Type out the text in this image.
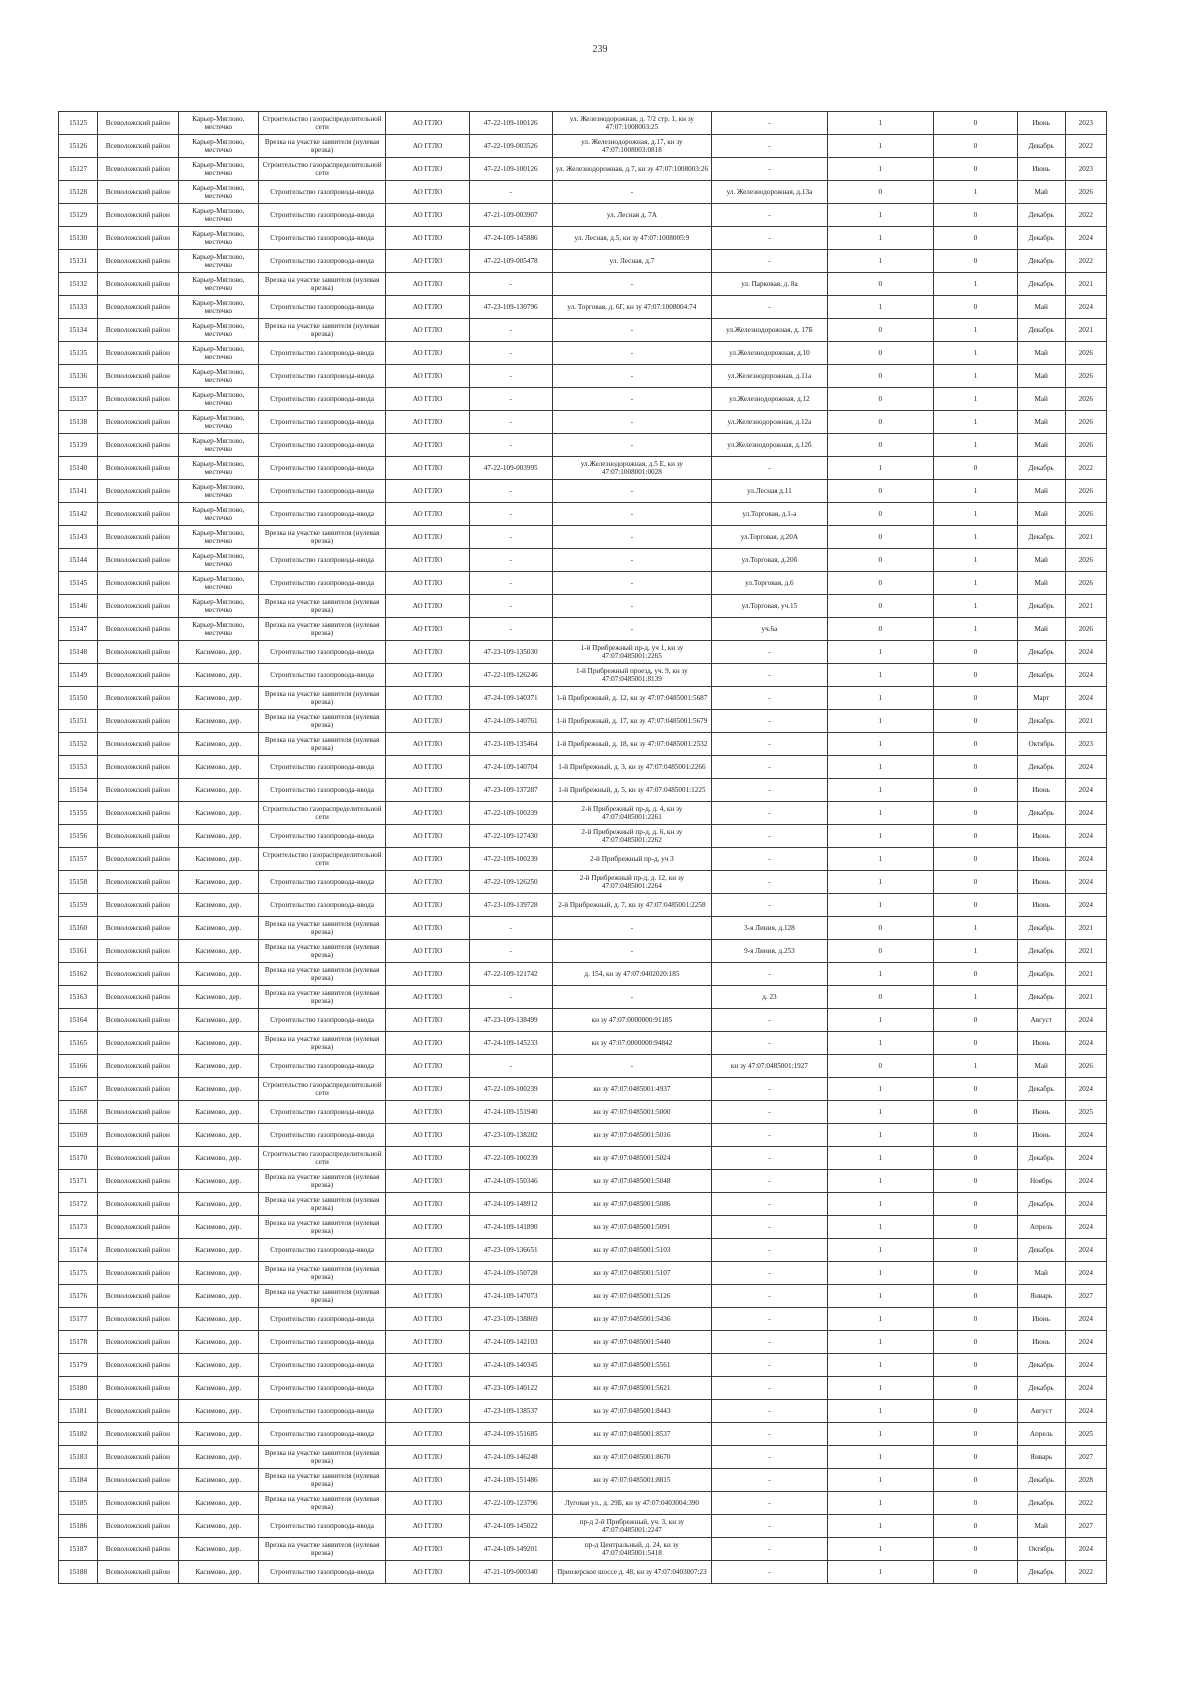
239
15125	Всеволожский район	Карьер-Мяглово, местечко	Строительство газораспределительной сети	АО ГГЛО	47-22-109-100126	ул. Железнодорожная, д. 7/2 стр. 1, кн зу 47:07:1008003:25	-	1	0	Июнь	2023
15126	Всеволожский район	Карьер-Мяглово, местечко	Врезка на участке заявителя (нулевая врезка)	АО ГГЛО	47-22-109-003526	ул. Железнодорожная, д.17, кн зу 47:07:1008003:0818	-	1	0	Декабрь	2022
15127	Всеволожский район	Карьер-Мяглово, местечко	Строительство газораспределительной сети	АО ГГЛО	47-22-109-100126	ул. Железнодорожная, д.7, кн зу 47:07:1008003:26	-	1	0	Июнь	2023
15128	Всеволожский район	Карьер-Мяглово, местечко	Строительство газопровода-ввода	АО ГГЛО	-	-	ул. Железнодорожная, д.13а	0	1	Май	2026
15129	Всеволожский район	Карьер-Мяглово, местечко	Строительство газопровода-ввода	АО ГГЛО	47-21-109-003907	ул. Лесная д. 7А	-	1	0	Декабрь	2022
15130	Всеволожский район	Карьер-Мяглово, местечко	Строительство газопровода-ввода	АО ГГЛО	47-24-109-145886	ул. Лесная, д.5, кн зу 47:07:1008005:9	-	1	0	Декабрь	2024
15131	Всеволожский район	Карьер-Мяглово, местечко	Строительство газопровода-ввода	АО ГГЛО	47-22-109-005478	ул. Лесная, д.7	-	1	0	Декабрь	2022
15132	Всеволожский район	Карьер-Мяглово, местечко	Врезка на участке заявителя (нулевая врезка)	АО ГГЛО	-	-	ул. Парковая, д. 8а	0	1	Декабрь	2021
15133	Всеволожский район	Карьер-Мяглово, местечко	Строительство газопровода-ввода	АО ГГЛО	47-23-109-130796	ул. Торговая, д. 6Г, кн зу 47:07:1008004:74	-	1	0	Май	2024
15134	Всеволожский район	Карьер-Мяглово, местечко	Врезка на участке заявителя (нулевая врезка)	АО ГГЛО	-	-	ул.Железнодорожная, д. 17Б	0	1	Декабрь	2021
15135	Всеволожский район	Карьер-Мяглово, местечко	Строительство газопровода-ввода	АО ГГЛО	-	-	ул.Железнодорожная, д.10	0	1	Май	2026
15136	Всеволожский район	Карьер-Мяглово, местечко	Строительство газопровода-ввода	АО ГГЛО	-	-	ул.Железнодорожная, д.11а	0	1	Май	2026
15137	Всеволожский район	Карьер-Мяглово, местечко	Строительство газопровода-ввода	АО ГГЛО	-	-	ул.Железнодорожная, д.12	0	1	Май	2026
15138	Всеволожский район	Карьер-Мяглово, местечко	Строительство газопровода-ввода	АО ГГЛО	-	-	ул.Железнодорожная, д.12а	0	1	Май	2026
15139	Всеволожский район	Карьер-Мяглово, местечко	Строительство газопровода-ввода	АО ГГЛО	-	-	ул.Железнодорожная, д.12б	0	1	Май	2026
15140	Всеволожский район	Карьер-Мяглово, местечко	Строительство газопровода-ввода	АО ГГЛО	47-22-109-003995	ул.Железнодорожная, д.5 Е, кн зу 47:07:1008001:0028	-	1	0	Декабрь	2022
15141	Всеволожский район	Карьер-Мяглово, местечко	Строительство газопровода-ввода	АО ГГЛО	-	-	ул.Лесная д.11	0	1	Май	2026
15142	Всеволожский район	Карьер-Мяглово, местечко	Строительство газопровода-ввода	АО ГГЛО	-	-	ул.Торговая, д.1-а	0	1	Май	2026
15143	Всеволожский район	Карьер-Мяглово, местечко	Врезка на участке заявителя (нулевая врезка)	АО ГГЛО	-	-	ул.Торговая, д.20А	0	1	Декабрь	2021
15144	Всеволожский район	Карьер-Мяглово, местечко	Строительство газопровода-ввода	АО ГГЛО	-	-	ул.Торговая, д.20б	0	1	Май	2026
15145	Всеволожский район	Карьер-Мяглово, местечко	Строительство газопровода-ввода	АО ГГЛО	-	-	ул.Торговая, д.6	0	1	Май	2026
15146	Всеволожский район	Карьер-Мяглово, местечко	Врезка на участке заявителя (нулевая врезка)	АО ГГЛО	-	-	ул.Торговая, уч.15	0	1	Декабрь	2021
15147	Всеволожский район	Карьер-Мяглово, местечко	Врезка на участке заявителя (нулевая врезка)	АО ГГЛО	-	-	уч.6а	0	1	Май	2026
15148	Всеволожский район	Касимово, дер.	Строительство газопровода-ввода	АО ГГЛО	47-23-109-135030	1-й Прибрежный пр-д, уч 1, кн зу 47:07:0485001:2265	-	1	0	Декабрь	2024
15149	Всеволожский район	Касимово, дер.	Строительство газопровода-ввода	АО ГГЛО	47-22-109-126246	1-й Прибрежный проезд, уч. 9, кн зу 47:07:0485001:8139	-	1	0	Декабрь	2024
15150	Всеволожский район	Касимово, дер.	Врезка на участке заявителя (нулевая врезка)	АО ГГЛО	47-24-109-140371	1-й Прибрежный, д. 12, кн зу 47:07:0485001:5687	-	1	0	Март	2024
15151	Всеволожский район	Касимово, дер.	Врезка на участке заявителя (нулевая врезка)	АО ГГЛО	47-24-109-140761	1-й Прибрежный, д. 17, кн зу 47:07:0485001:5679	-	1	0	Декабрь	2021
15152	Всеволожский район	Касимово, дер.	Врезка на участке заявителя (нулевая врезка)	АО ГГЛО	47-23-109-135464	1-й Прибрежный, д. 18, кн зу 47:07:0485001:2532	-	1	0	Октябрь	2023
15153	Всеволожский район	Касимово, дер.	Строительство газопровода-ввода	АО ГГЛО	47-24-109-140704	1-й Прибрежный, д. 3, кн зу 47:07:0485001:2266	-	1	0	Декабрь	2024
15154	Всеволожский район	Касимово, дер.	Строительство газопровода-ввода	АО ГГЛО	47-23-109-137287	1-й Прибрежный, д. 5, кн зу 47:07:0485001:1225	-	1	0	Июнь	2024
15155	Всеволожский район	Касимово, дер.	Строительство газораспределительной сети	АО ГГЛО	47-22-109-100239	2-й Прибрежный пр-д, д. 4, кн зу 47:07:0485001:2261	-	1	0	Декабрь	2024
15156	Всеволожский район	Касимово, дер.	Строительство газопровода-ввода	АО ГГЛО	47-22-109-127430	2-й Прибрежный пр-д, д. 6, кн зу 47:07:0485001:2262	-	1	0	Июнь	2024
15157	Всеволожский район	Касимово, дер.	Строительство газораспределительной сети	АО ГГЛО	47-22-109-100239	2-й Прибрежный пр-д, уч 3	-	1	0	Июнь	2024
15158	Всеволожский район	Касимово, дер.	Строительство газопровода-ввода	АО ГГЛО	47-22-109-126250	2-й Прибрежный пр-д, д. 12, кн зу 47:07:0485001:2264	-	1	0	Июнь	2024
15159	Всеволожский район	Касимово, дер.	Строительство газопровода-ввода	АО ГГЛО	47-23-109-139728	2-й Прибрежный, д. 7, кн зу 47:07:0485001:2258	-	1	0	Июнь	2024
15160	Всеволожский район	Касимово, дер.	Врезка на участке заявителя (нулевая врезка)	АО ГГЛО	-	-	3-я Линия, д.128	0	1	Декабрь	2021
15161	Всеволожский район	Касимово, дер.	Врезка на участке заявителя (нулевая врезка)	АО ГГЛО	-	-	9-я Линия, д.253	0	1	Декабрь	2021
15162	Всеволожский район	Касимово, дер.	Врезка на участке заявителя (нулевая врезка)	АО ГГЛО	47-22-109-121742	д. 154, кн зу 47:07:0402020:185	-	1	0	Декабрь	2021
15163	Всеволожский район	Касимово, дер.	Врезка на участке заявителя (нулевая врезка)	АО ГГЛО	-	-	д. 23	0	1	Декабрь	2021
15164	Всеволожский район	Касимово, дер.	Строительство газопровода-ввода	АО ГГЛО	47-23-109-138499	кн зу 47:07:0000000:91185	-	1	0	Август	2024
15165	Всеволожский район	Касимово, дер.	Врезка на участке заявителя (нулевая врезка)	АО ГГЛО	47-24-109-145233	кн зу 47:07:0000000:94842	-	1	0	Июнь	2024
15166	Всеволожский район	Касимово, дер.	Строительство газопровода-ввода	АО ГГЛО	-	-	кн зу 47:07:0485001:1927	0	1	Май	2026
15167	Всеволожский район	Касимово, дер.	Строительство газораспределительной сети	АО ГГЛО	47-22-109-100239	кн зу 47:07:0485001:4937	-	1	0	Декабрь	2024
15168	Всеволожский район	Касимово, дер.	Строительство газопровода-ввода	АО ГГЛО	47-24-109-151940	кн зу 47:07:0485001:5000	-	1	0	Июнь	2025
15169	Всеволожский район	Касимово, дер.	Строительство газопровода-ввода	АО ГГЛО	47-23-109-138282	кн зу 47:07:0485001:5016	-	1	0	Июнь	2024
15170	Всеволожский район	Касимово, дер.	Строительство газораспределительной сети	АО ГГЛО	47-22-109-100239	кн зу 47:07:0485001:5024	-	1	0	Декабрь	2024
15171	Всеволожский район	Касимово, дер.	Врезка на участке заявителя (нулевая врезка)	АО ГГЛО	47-24-109-150346	кн зу 47:07:0485001:5048	-	1	0	Ноябрь	2024
15172	Всеволожский район	Касимово, дер.	Врезка на участке заявителя (нулевая врезка)	АО ГГЛО	47-24-109-148912	кн зу 47:07:0485001:5086	-	1	0	Декабрь	2024
15173	Всеволожский район	Касимово, дер.	Врезка на участке заявителя (нулевая врезка)	АО ГГЛО	47-24-109-141890	кн зу 47:07:0485001:5091	-	1	0	Апрель	2024
15174	Всеволожский район	Касимово, дер.	Строительство газопровода-ввода	АО ГГЛО	47-23-109-136651	кн зу 47:07:0485001:5103	-	1	0	Декабрь	2024
15175	Всеволожский район	Касимово, дер.	Врезка на участке заявителя (нулевая врезка)	АО ГГЛО	47-24-109-150728	кн зу 47:07:0485001:5107	-	1	0	Май	2024
15176	Всеволожский район	Касимово, дер.	Врезка на участке заявителя (нулевая врезка)	АО ГГЛО	47-24-109-147073	кн зу 47:07:0485001:5126	-	1	0	Январь	2027
15177	Всеволожский район	Касимово, дер.	Строительство газопровода-ввода	АО ГГЛО	47-23-109-138869	кн зу 47:07:0485001:5436	-	1	0	Июнь	2024
15178	Всеволожский район	Касимово, дер.	Строительство газопровода-ввода	АО ГГЛО	47-24-109-142103	кн зу 47:07:0485001:5440	-	1	0	Июнь	2024
15179	Всеволожский район	Касимово, дер.	Строительство газопровода-ввода	АО ГГЛО	47-24-109-140345	кн зу 47:07:0485001:5561	-	1	0	Декабрь	2024
15180	Всеволожский район	Касимово, дер.	Строительство газопровода-ввода	АО ГГЛО	47-23-109-140122	кн зу 47:07:0485001:5621	-	1	0	Декабрь	2024
15181	Всеволожский район	Касимово, дер.	Строительство газопровода-ввода	АО ГГЛО	47-23-109-138537	кн зу 47:07:0485001:8443	-	1	0	Август	2024
15182	Всеволожский район	Касимово, дер.	Строительство газопровода-ввода	АО ГГЛО	47-24-109-151685	кн зу 47:07:0485001:8537	-	1	0	Апрель	2025
15183	Всеволожский район	Касимово, дер.	Врезка на участке заявителя (нулевая врезка)	АО ГГЛО	47-24-109-146248	кн зу 47:07:0485001:8670	-	1	0	Январь	2027
15184	Всеволожский район	Касимово, дер.	Врезка на участке заявителя (нулевая врезка)	АО ГГЛО	47-24-109-151486	кн зу 47:07:0485001:8815	-	1	0	Декабрь	2028
15185	Всеволожский район	Касимово, дер.	Врезка на участке заявителя (нулевая врезка)	АО ГГЛО	47-22-109-123796	Луговая ул., д. 29Б, кн зу 47:07:0403004:390	-	1	0	Декабрь	2022
15186	Всеволожский район	Касимово, дер.	Строительство газопровода-ввода	АО ГГЛО	47-24-109-145022	пр-д 2-й Прибрежный, уч. 3, кн зу 47:07:0485001:2247	-	1	0	Май	2027
15187	Всеволожский район	Касимово, дер.	Врезка на участке заявителя (нулевая врезка)	АО ГГЛО	47-24-109-149201	пр-д Центральный, д. 24, кн зу 47:07:0485001:5418	-	1	0	Октябрь	2024
15188	Всеволожский район	Касимово, дер.	Строительство газопровода-ввода	АО ГГЛО	47-21-109-000340	Приозерское шоссе д. 48, кн зу 47:07:0403007:23	-	1	0	Декабрь	2022
